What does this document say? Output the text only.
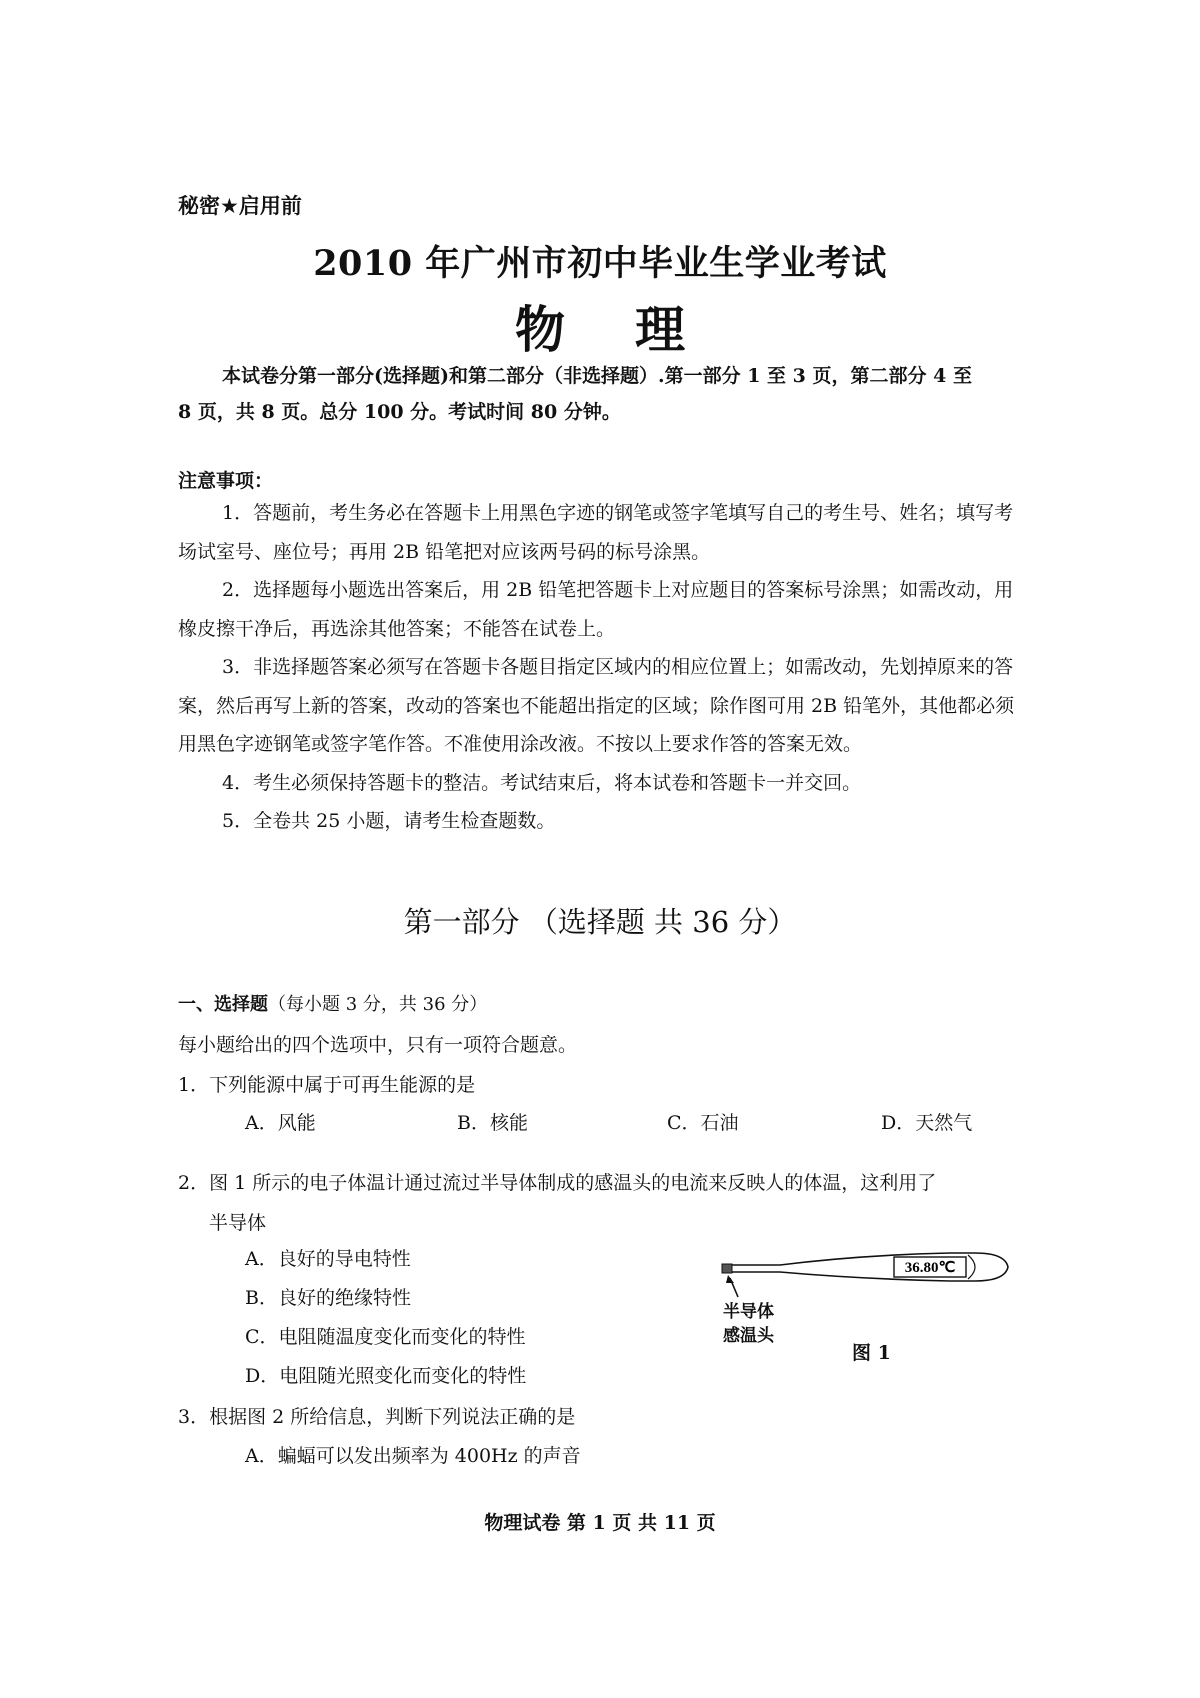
秘密★启用前
2010 年广州市初中毕业生学业考试
物 理
本试卷分第一部分(选择题)和第二部分（非选择题）.第一部分 1 至 3 页，第二部分 4 至
8 页，共 8 页。总分 100 分。考试时间 80 分钟。
注意事项：

1．答题前，考生务必在答题卡上用黑色字迹的钢笔或签字笔填写自己的考生号、姓名；填写考场试室号、座位号；再用 2B 铅笔把对应该两号码的标号涂黑。

2．选择题每小题选出答案后，用 2B 铅笔把答题卡上对应题目的答案标号涂黑；如需改动，用橡皮擦干净后，再选涂其他答案；不能答在试卷上。

3．非选择题答案必须写在答题卡各题目指定区域内的相应位置上；如需改动，先划掉原来的答案，然后再写上新的答案，改动的答案也不能超出指定的区域；除作图可用 2B 铅笔外，其他都必须用黑色字迹钢笔或签字笔作答。不准使用涂改液。不按以上要求作答的答案无效。

4．考生必须保持答题卡的整洁。考试结束后，将本试卷和答题卡一并交回。

5．全卷共 25 小题，请考生检查题数。

第一部分 （选择题 共 36 分）
一、选择题（每小题 3 分，共 36 分）
每小题给出的四个选项中，只有一项符合题意。
1．下列能源中属于可再生能源的是
A．风能	B．核能	C．石油	D．天然气
2．图 1 所示的电子体温计通过流过半导体制成的感温头的电流来反映人的体温，这利用了
半导体
A．良好的导电特性
B．良好的绝缘特性
C．电阻随温度变化而变化的特性
D．电阻随光照变化而变化的特性
36.80℃
半导体
感温头
图 1
3．根据图 2 所给信息，判断下列说法正确的是
A．蝙蝠可以发出频率为 400Hz 的声音
物理试卷 第 1 页 共 11 页
